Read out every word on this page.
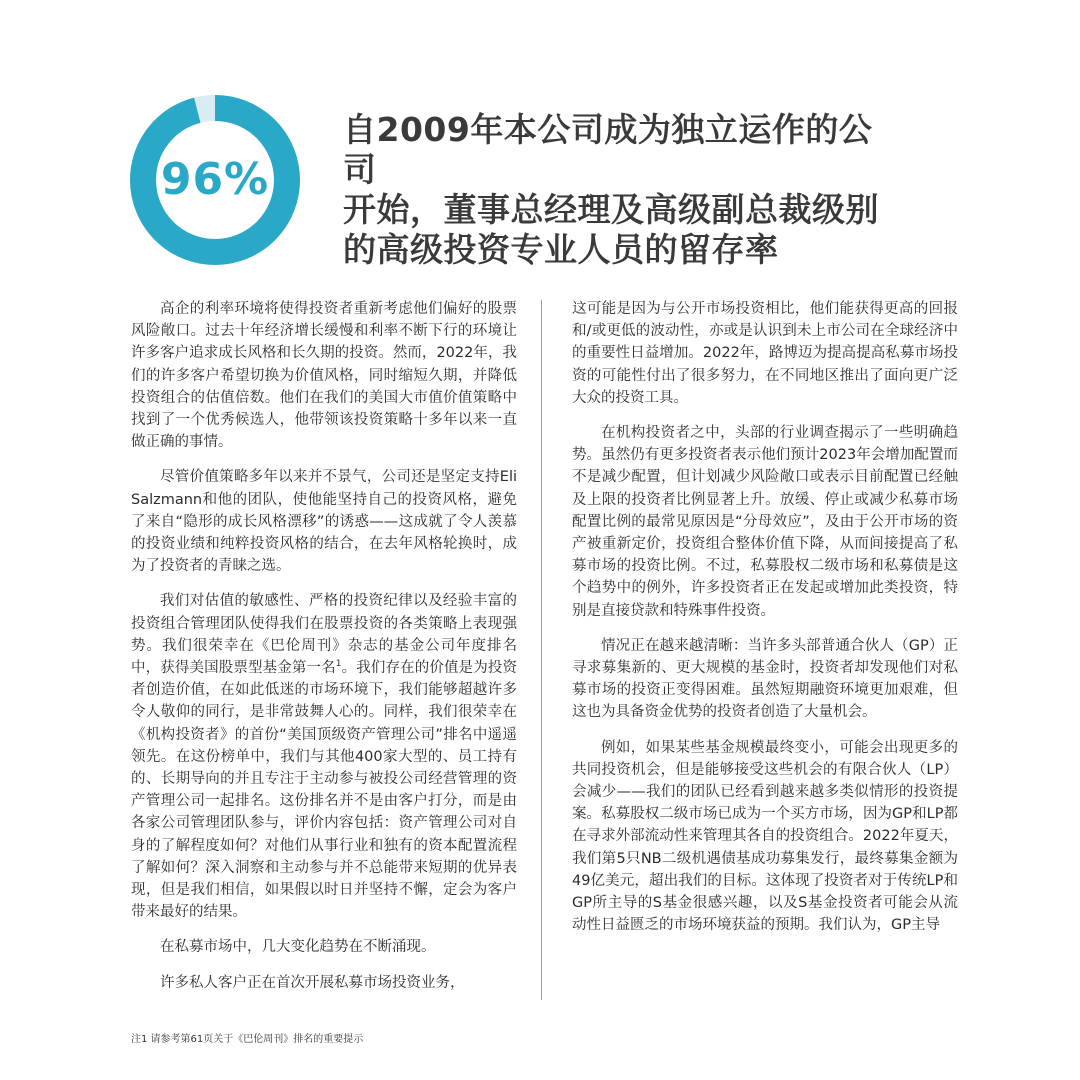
96%
自2009年本公司成为独立运作的公司
开始，董事总经理及高级副总裁级别
的高级投资专业人员的留存率

高企的利率环境将使得投资者重新考虑他们偏好的股票风险敞口。过去十年经济增长缓慢和利率不断下行的环境让许多客户追求成长风格和长久期的投资。然而，2022年，我们的许多客户希望切换为价值风格，同时缩短久期，并降低投资组合的估值倍数。他们在我们的美国大市值价值策略中找到了一个优秀候选人，他带领该投资策略十多年以来一直做正确的事情。

尽管价值策略多年以来并不景气，公司还是坚定支持Eli Salzmann和他的团队，使他能坚持自己的投资风格，避免了来自“隐形的成长风格漂移”的诱惑——这成就了令人羡慕的投资业绩和纯粹投资风格的结合，在去年风格轮换时，成为了投资者的青睐之选。

我们对估值的敏感性、严格的投资纪律以及经验丰富的投资组合管理团队使得我们在股票投资的各类策略上表现强势。我们很荣幸在《巴伦周刊》杂志的基金公司年度排名中，获得美国股票型基金第一名$^1$。我们存在的价值是为投资者创造价值，在如此低迷的市场环境下，我们能够超越许多令人敬仰的同行，是非常鼓舞人心的。同样，我们很荣幸在《机构投资者》的首份“美国顶级资产管理公司”排名中遥遥领先。在这份榜单中，我们与其他400家大型的、员工持有的、长期导向的并且专注于主动参与被投公司经营管理的资产管理公司一起排名。这份排名并不是由客户打分，而是由各家公司管理团队参与，评价内容包括：资产管理公司对自身的了解程度如何？对他们从事行业和独有的资本配置流程了解如何？深入洞察和主动参与并不总能带来短期的优异表现，但是我们相信，如果假以时日并坚持不懈，定会为客户带来最好的结果。

在私募市场中，几大变化趋势在不断涌现。

许多私人客户正在首次开展私募市场投资业务，

这可能是因为与公开市场投资相比，他们能获得更高的回报和/或更低的波动性，亦或是认识到未上市公司在全球经济中的重要性日益增加。2022年，路博迈为提高提高私募市场投资的可能性付出了很多努力，在不同地区推出了面向更广泛大众的投资工具。

在机构投资者之中，头部的行业调查揭示了一些明确趋势。虽然仍有更多投资者表示他们预计2023年会增加配置而不是减少配置，但计划减少风险敞口或表示目前配置已经触及上限的投资者比例显著上升。放缓、停止或减少私募市场配置比例的最常见原因是“分母效应”，及由于公开市场的资产被重新定价，投资组合整体价值下降，从而间接提高了私募市场的投资比例。不过，私募股权二级市场和私募债是这个趋势中的例外，许多投资者正在发起或增加此类投资，特别是直接贷款和特殊事件投资。

情况正在越来越清晰：当许多头部普通合伙人（GP）正寻求募集新的、更大规模的基金时，投资者却发现他们对私募市场的投资正变得困难。虽然短期融资环境更加艰难，但这也为具备资金优势的投资者创造了大量机会。

例如，如果某些基金规模最终变小，可能会出现更多的共同投资机会，但是能够接受这些机会的有限合伙人（LP）会减少——我们的团队已经看到越来越多类似情形的投资提案。私募股权二级市场已成为一个买方市场，因为GP和LP都在寻求外部流动性来管理其各自的投资组合。2022年夏天，我们第5只NB二级机遇债基成功募集发行，最终募集金额为49亿美元，超出我们的目标。这体现了投资者对于传统LP和GP所主导的S基金很感兴趣，以及S基金投资者可能会从流动性日益匮乏的市场环境获益的预期。我们认为，GP主导

注1 请参考第61页关于《巴伦周刊》排名的重要提示
